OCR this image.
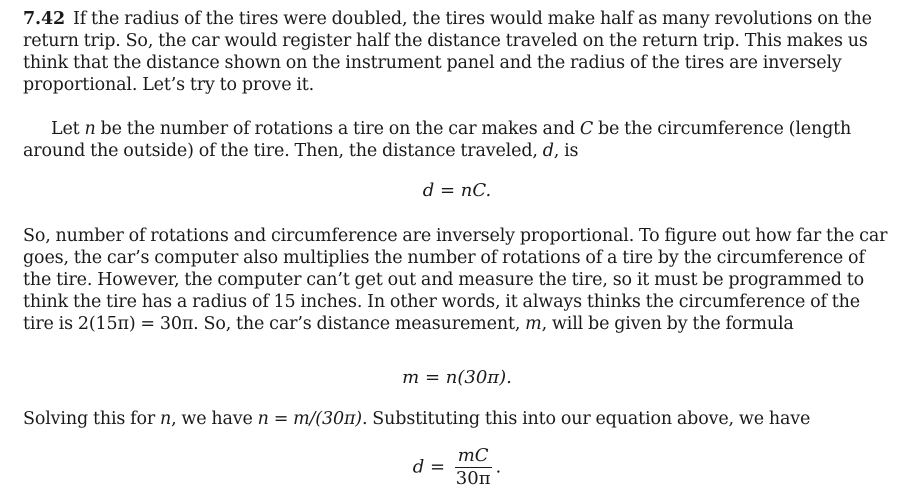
7.42 If the radius of the tires were doubled, the tires would make half as many revolutions on the return trip. So, the car would register half the distance traveled on the return trip. This makes us think that the distance shown on the instrument panel and the radius of the tires are inversely proportional. Let’s try to prove it.
Let n be the number of rotations a tire on the car makes and C be the circumference (length around the outside) of the tire. Then, the distance traveled, d, is
d = nC.
So, number of rotations and circumference are inversely proportional. To figure out how far the car goes, the car’s computer also multiplies the number of rotations of a tire by the circumference of the tire. However, the computer can’t get out and measure the tire, so it must be programmed to think the tire has a radius of 15 inches. In other words, it always thinks the circumference of the tire is 2(15π) = 30π. So, the car’s distance measurement, m, will be given by the formula
m = n(30π).
Solving this for n, we have n = m/(30π). Substituting this into our equation above, we have
$d = \frac{mC}{30\pi}$ .
